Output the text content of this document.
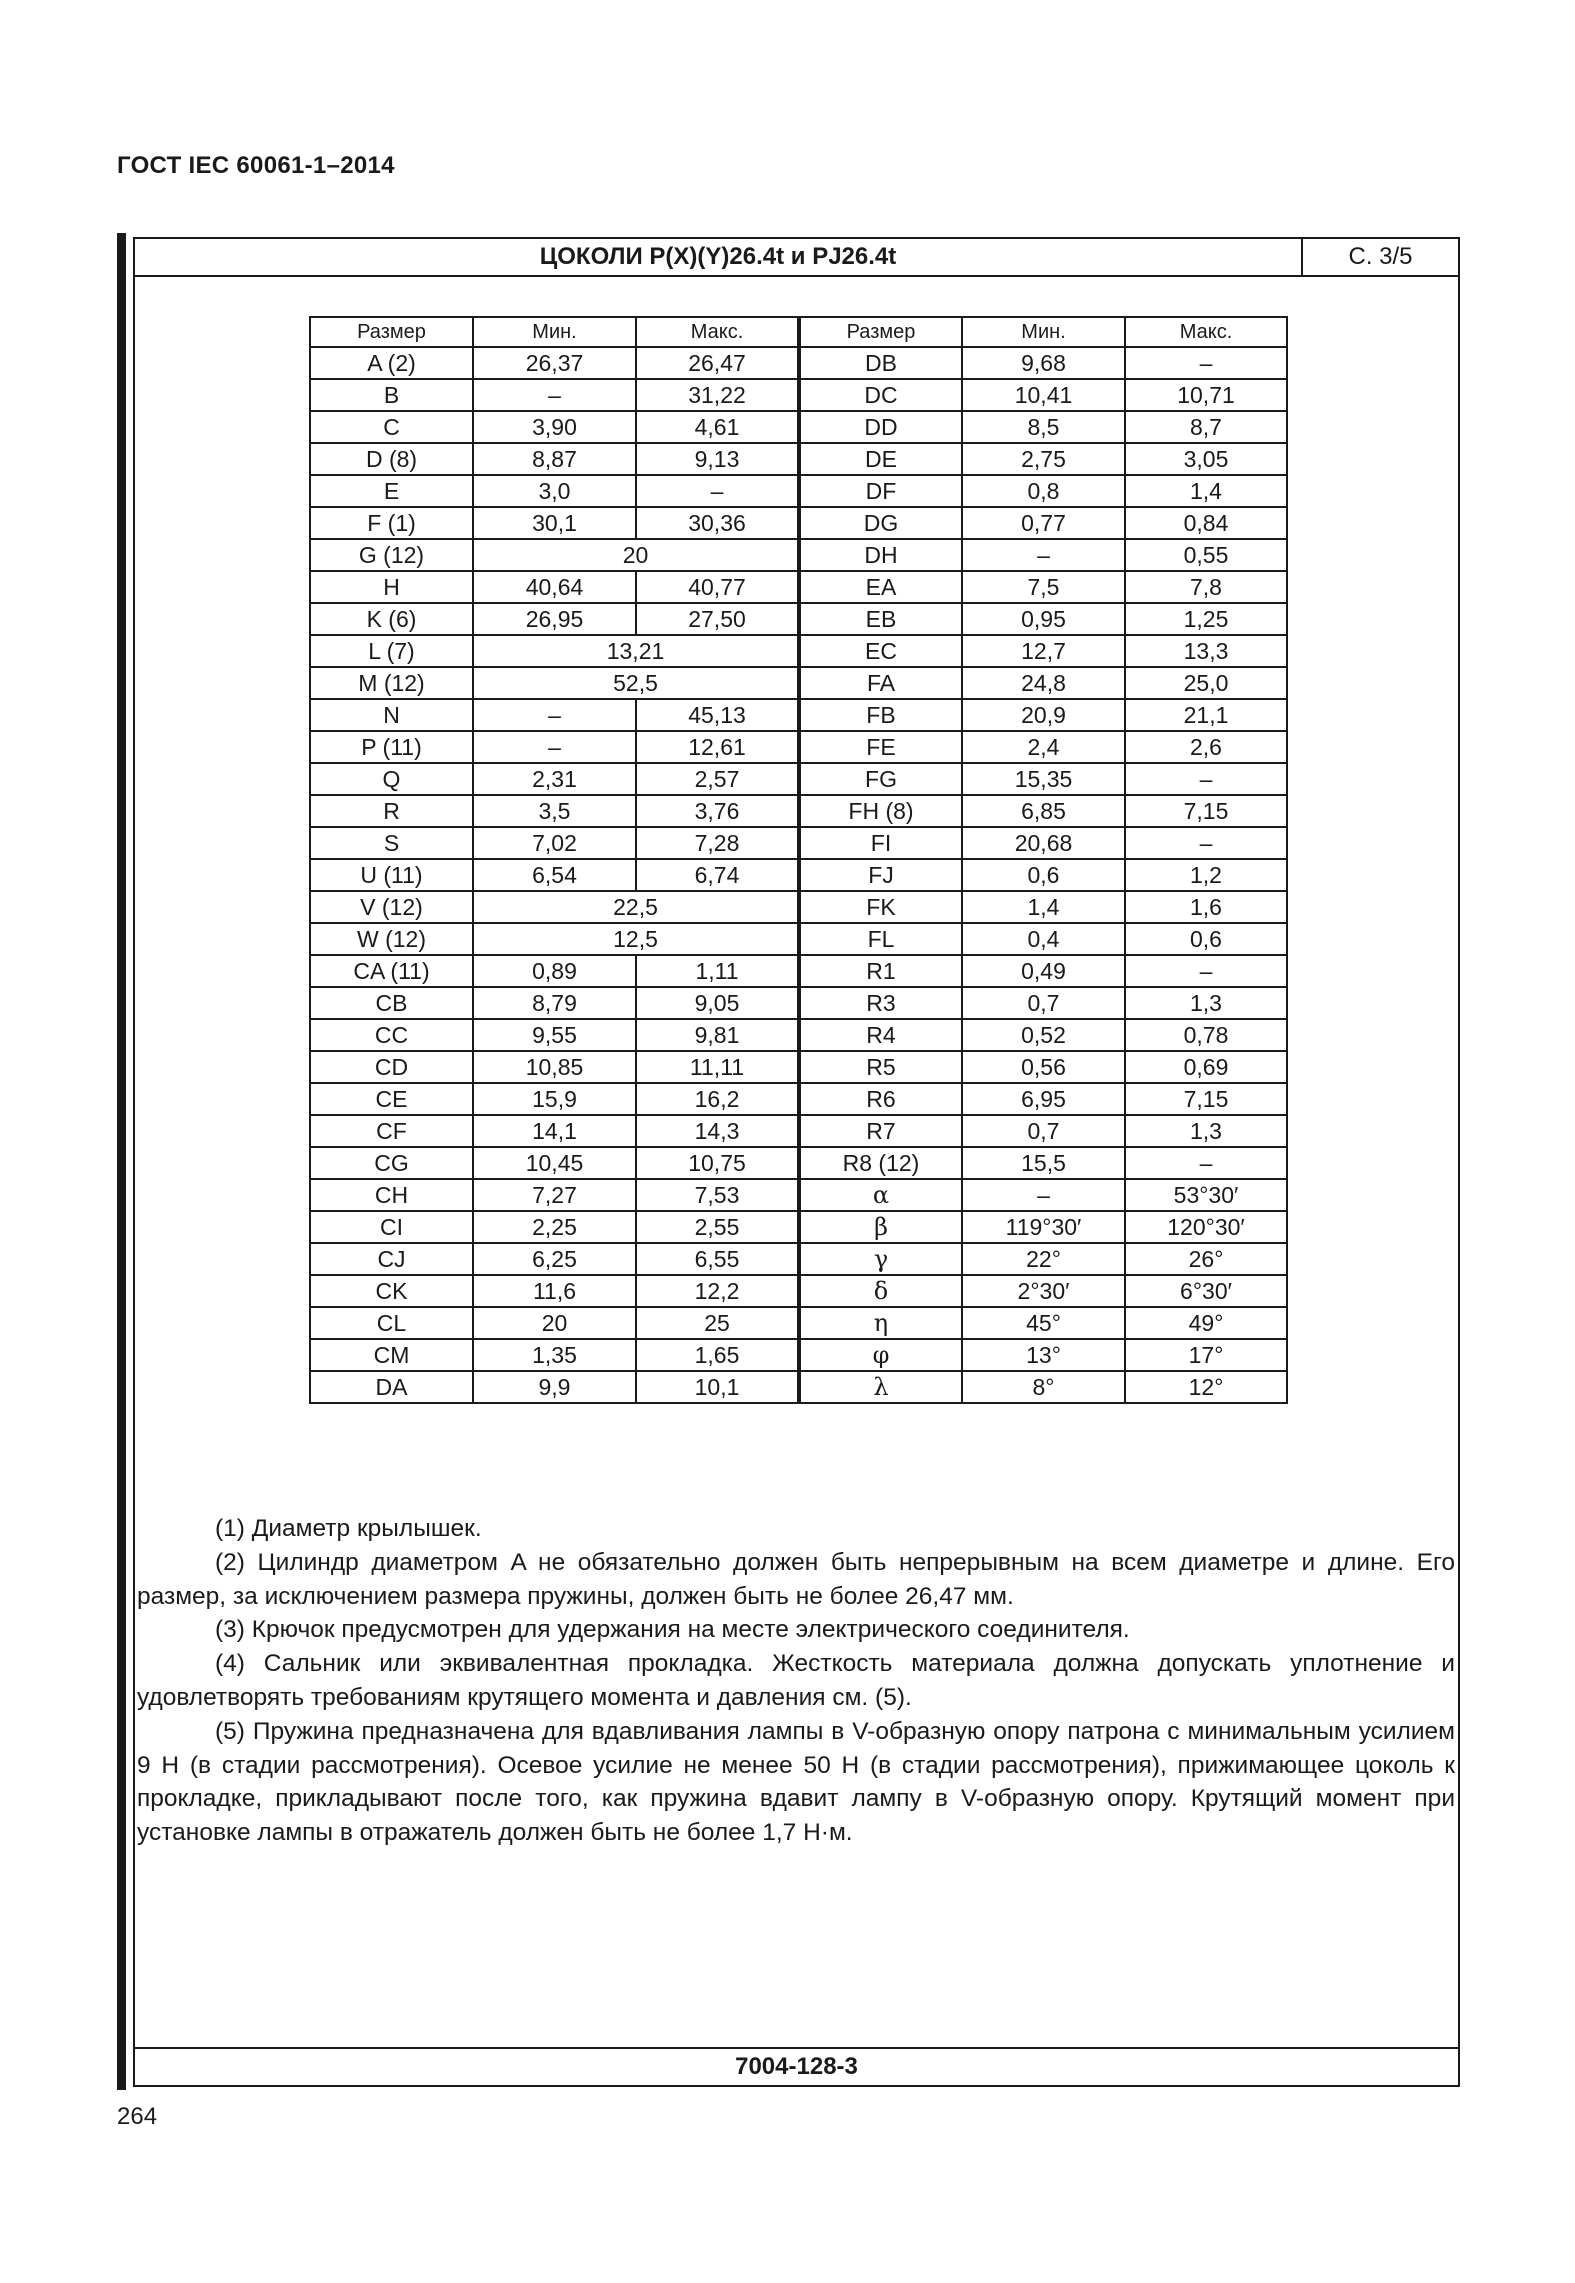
ГОСТ IEC 60061-1–2014
ЦОКОЛИ P(X)(Y)26.4t и PJ26.4t	С. 3/5
7004-128-3
Размер	Мин.	Макс.	Размер	Мин.	Макс.
A (2)	26,37	26,47	DB	9,68	–
B	–	31,22	DC	10,41	10,71
C	3,90	4,61	DD	8,5	8,7
D (8)	8,87	9,13	DE	2,75	3,05
E	3,0	–	DF	0,8	1,4
F (1)	30,1	30,36	DG	0,77	0,84
G (12)	20		DH	–	0,55
H	40,64	40,77	EA	7,5	7,8
K (6)	26,95	27,50	EB	0,95	1,25
L (7)	13,21		EC	12,7	13,3
M (12)	52,5		FA	24,8	25,0
N	–	45,13	FB	20,9	21,1
P (11)	–	12,61	FE	2,4	2,6
Q	2,31	2,57	FG	15,35	–
R	3,5	3,76	FH (8)	6,85	7,15
S	7,02	7,28	FI	20,68	–
U (11)	6,54	6,74	FJ	0,6	1,2
V (12)	22,5		FK	1,4	1,6
W (12)	12,5		FL	0,4	0,6
CA (11)	0,89	1,11	R1	0,49	–
CB	8,79	9,05	R3	0,7	1,3
CC	9,55	9,81	R4	0,52	0,78
CD	10,85	11,11	R5	0,56	0,69
CE	15,9	16,2	R6	6,95	7,15
CF	14,1	14,3	R7	0,7	1,3
CG	10,45	10,75	R8 (12)	15,5	–
CH	7,27	7,53	α	–	53°30′
CI	2,25	2,55	β	119°30′	120°30′
CJ	6,25	6,55	γ	22°	26°
CK	11,6	12,2	δ	2°30′	6°30′
CL	20	25	η	45°	49°
CM	1,35	1,65	φ	13°	17°
DA	9,9	10,1	λ	8°	12°

(1) Диаметр крылышек.

(2) Цилиндр диаметром A не обязательно должен быть непрерывным на всем диаметре и длине. Его размер, за исключением размера пружины, должен быть не более 26,47 мм.

(3) Крючок предусмотрен для удержания на месте электрического соединителя.

(4) Сальник или эквивалентная прокладка. Жесткость материала должна допускать уплотнение и удовлетворять требованиям крутящего момента и давления см. (5).

(5) Пружина предназначена для вдавливания лампы в V-образную опору патрона с минимальным усилием 9 Н (в стадии рассмотрения). Осевое усилие не менее 50 Н (в стадии рассмотрения), прижимающее цоколь к прокладке, прикладывают после того, как пружина вдавит лампу в V-образную опору. Крутящий момент при установке лампы в отражатель должен быть не более 1,7 Н·м.

264
